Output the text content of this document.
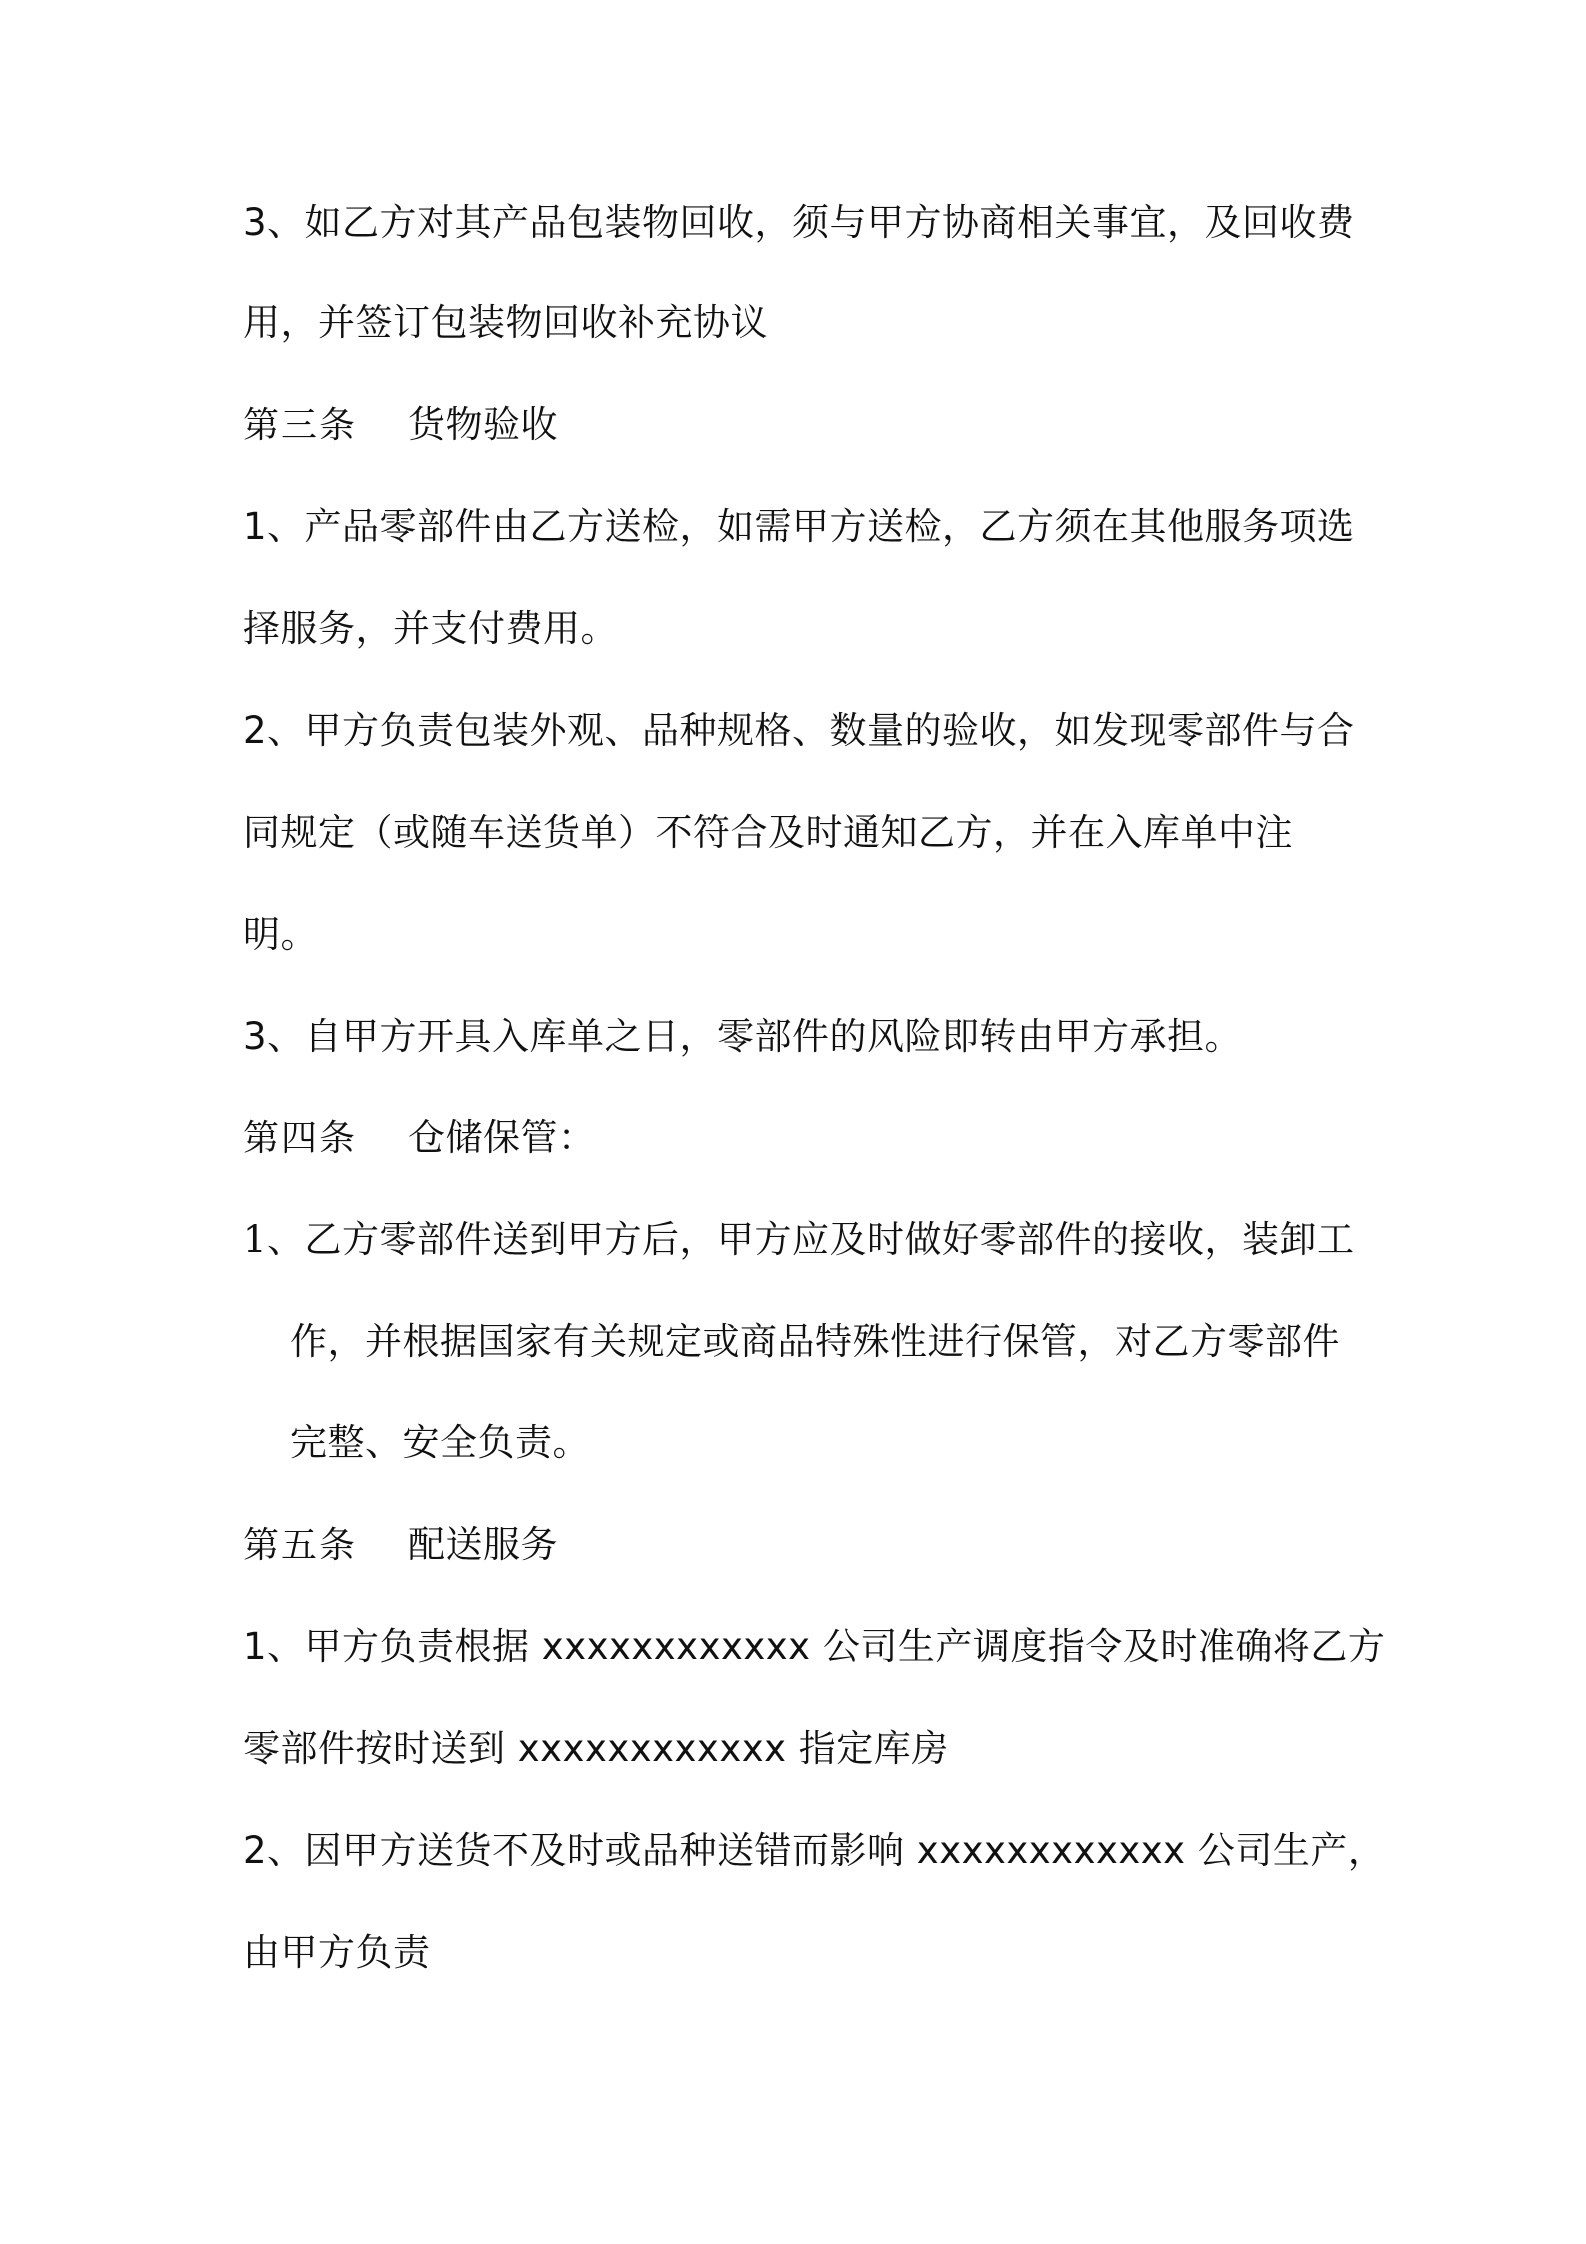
3、如乙方对其产品包装物回收，须与甲方协商相关事宜，及回收费
用，并签订包装物回收补充协议
第三条 货物验收
1、产品零部件由乙方送检，如需甲方送检，乙方须在其他服务项选
择服务，并支付费用。
2、甲方负责包装外观、品种规格、数量的验收，如发现零部件与合
同规定（或随车送货单）不符合及时通知乙方，并在入库单中注
明。
3、自甲方开具入库单之日，零部件的风险即转由甲方承担。
第四条 仓储保管：
1、乙方零部件送到甲方后，甲方应及时做好零部件的接收，装卸工
作，并根据国家有关规定或商品特殊性进行保管，对乙方零部件
完整、安全负责。
第五条 配送服务
1、甲方负责根据 xxxxxxxxxxxx 公司生产调度指令及时准确将乙方
零部件按时送到 xxxxxxxxxxxx 指定库房
2、因甲方送货不及时或品种送错而影响 xxxxxxxxxxxx 公司生产，
由甲方负责
